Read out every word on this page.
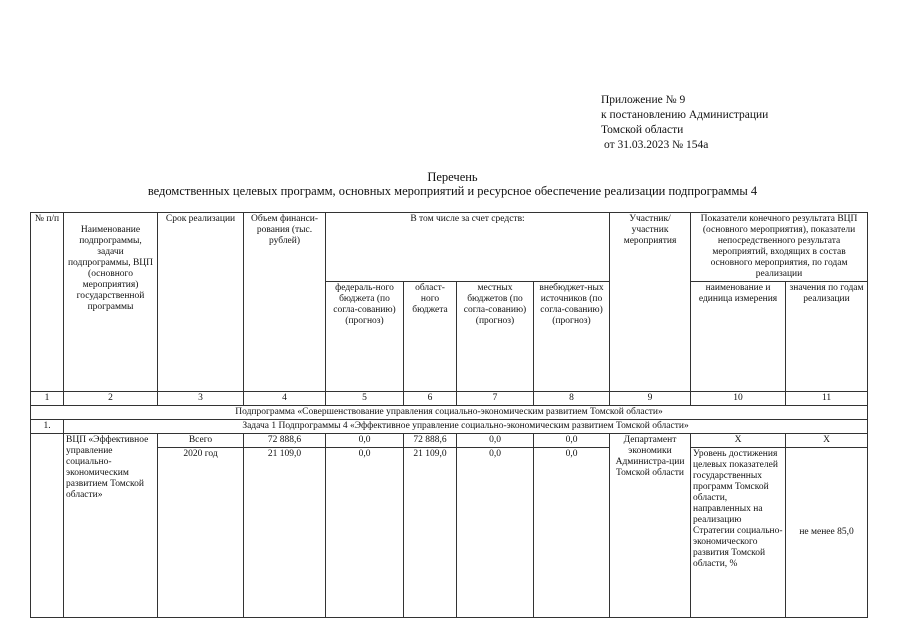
Приложение № 9
к постановлению Администрации
Томской области
от 31.03.2023 № 154а
Перечень
ведомственных целевых программ, основных мероприятий и ресурсное обеспечение реализации подпрограммы 4
№ п/п	Наименование подпрограммы, задачи подпрограммы, ВЦП (основного мероприятия) государственной программы	Срок реализации	Объем финанси-рования (тыс. рублей)	В том числе за счет средств:				Участник/ участник мероприятия	Показатели конечного результата ВЦП (основного мероприятия), показатели непосредственного результата мероприятий, входящих в состав основного мероприятия, по годам реализации	
				федераль-ного бюджета (по согла-сованию) (прогноз)	област-ного бюджета	местных бюджетов (по согла-сованию) (прогноз)	внебюджет-ных источников (по согла-сованию) (прогноз)		наименование и единица измерения	значения по годам реализации
1	2	3	4	5	6	7	8	9	10	11
Подпрограмма «Совершенствование управления социально-экономическим развитием Томской области»										
1.	Задача 1 Подпрограммы 4 «Эффективное управление социально-экономическим развитием Томской области»									
	ВЦП «Эффективное управление социально-экономическим развитием Томской области»	Всего	72 888,6	0,0	72 888,6	0,0	0,0	Департамент экономики Администра-ции Томской области	Х	Х
		2020 год	21 109,0	0,0	21 109,0	0,0	0,0		Уровень достижения целевых показателей государственных программ Томской области, направленных на реализацию Стратегии социально-экономического развития Томской области, %	не менее 85,0
